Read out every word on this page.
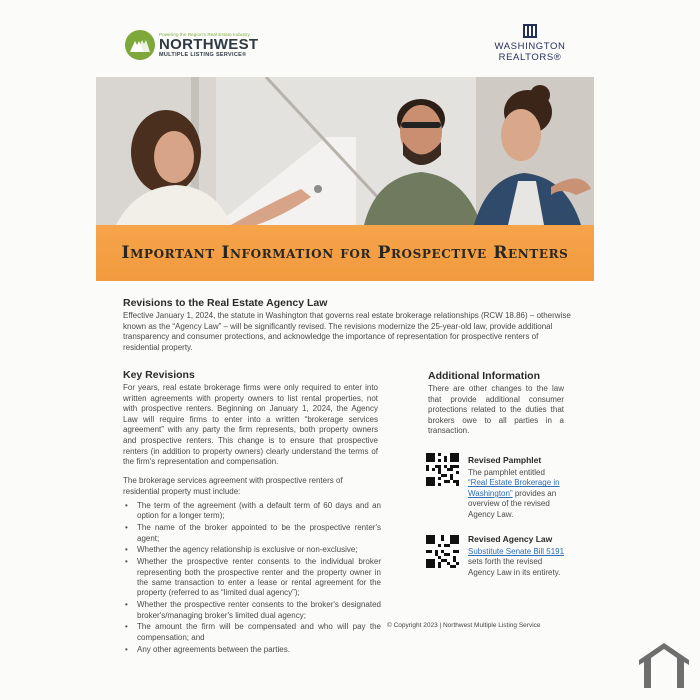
Powering the Region's Real Estate Industry
NORTHWEST
MULTIPLE LISTING SERVICE®
WASHINGTON
REALTORS®
Important Information for Prospective Renters
Revisions to the Real Estate Agency Law

Effective January 1, 2024, the statute in Washington that governs real estate brokerage relationships (RCW 18.86) – otherwise known as the “Agency Law” – will be significantly revised. The revisions modernize the 25-year-old law, provide additional transparency and consumer protections, and acknowledge the importance of representation for prospective renters of residential property.

Key Revisions

For years, real estate brokerage firms were only required to enter into written agreements with property owners to list rental properties, not with prospective renters. Beginning on January 1, 2024, the Agency Law will require firms to enter into a written “brokerage services agreement” with any party the firm represents, both property owners and prospective renters. This change is to ensure that prospective renters (in addition to property owners) clearly understand the terms of the firm's representation and compensation.

The brokerage services agreement with prospective renters of residential property must include:

• The term of the agreement (with a default term of 60 days and an option for a longer term);
• The name of the broker appointed to be the prospective renter's agent;
• Whether the agency relationship is exclusive or non-exclusive;
• Whether the prospective renter consents to the individual broker representing both the prospective renter and the property owner in the same transaction to enter a lease or rental agreement for the property (referred to as “limited dual agency”);
• Whether the prospective renter consents to the broker's designated broker's/managing broker's limited dual agency;
• The amount the firm will be compensated and who will pay the compensation; and
• Any other agreements between the parties.
Additional Information

There are other changes to the law that provide additional consumer protections related to the duties that brokers owe to all parties in a transaction.

Revised Pamphlet
The pamphlet entitled “Real Estate Brokerage in Washington” provides an overview of the revised Agency Law.
Revised Agency Law
Substitute Senate Bill 5191 sets forth the revised Agency Law in its entirety.
© Copyright 2023 | Northwest Multiple Listing Service
